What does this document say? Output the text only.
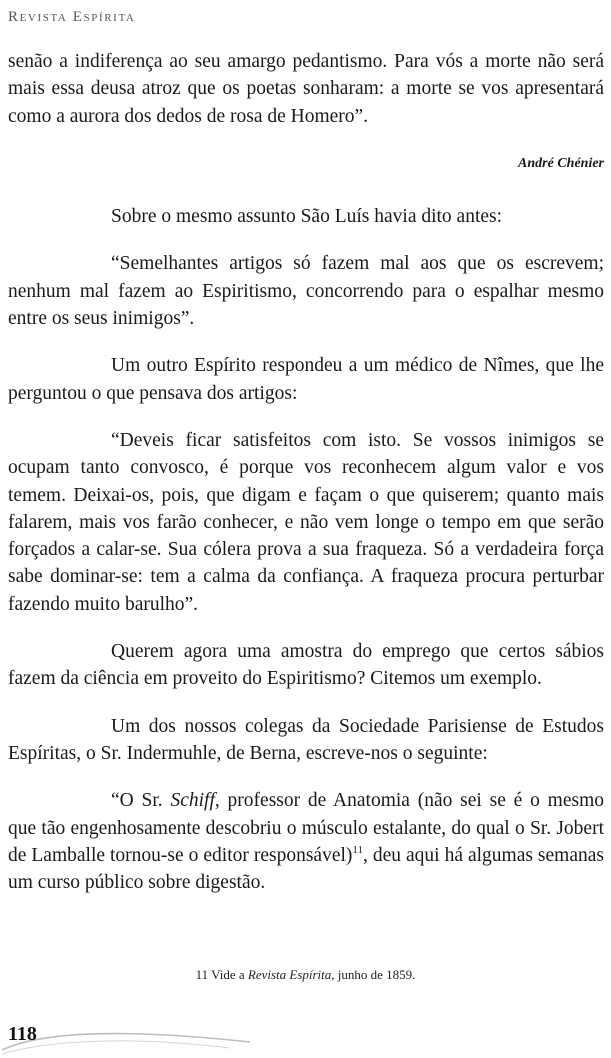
Revista Espírita

senão a indiferença ao seu amargo pedantismo. Para vós a morte não será mais essa deusa atroz que os poetas sonharam: a morte se vos apresentará como a aurora dos dedos de rosa de Homero”.

André Chénier

Sobre o mesmo assunto São Luís havia dito antes:

“Semelhantes artigos só fazem mal aos que os escrevem; nenhum mal fazem ao Espiritismo, concorrendo para o espalhar mesmo entre os seus inimigos”.

Um outro Espírito respondeu a um médico de Nîmes, que lhe perguntou o que pensava dos artigos:

“Deveis ficar satisfeitos com isto. Se vossos inimigos se ocupam tanto convosco, é porque vos reconhecem algum valor e vos temem. Deixai-os, pois, que digam e façam o que quiserem; quanto mais falarem, mais vos farão conhecer, e não vem longe o tempo em que serão forçados a calar-se. Sua cólera prova a sua fraqueza. Só a verdadeira força sabe dominar-se: tem a calma da confiança. A fraqueza procura perturbar fazendo muito barulho”.

Querem agora uma amostra do emprego que certos sábios fazem da ciência em proveito do Espiritismo? Citemos um exemplo.

Um dos nossos colegas da Sociedade Parisiense de Estudos Espíritas, o Sr. Indermuhle, de Berna, escreve-nos o seguinte:

“O Sr. Schiff, professor de Anatomia (não sei se é o mesmo que tão engenhosamente descobriu o músculo estalante, do qual o Sr. Jobert de Lamballe tornou-se o editor responsável)$^{11}$, deu aqui há algumas semanas um curso público sobre digestão.

11 Vide a Revista Espírita, junho de 1859.
118
